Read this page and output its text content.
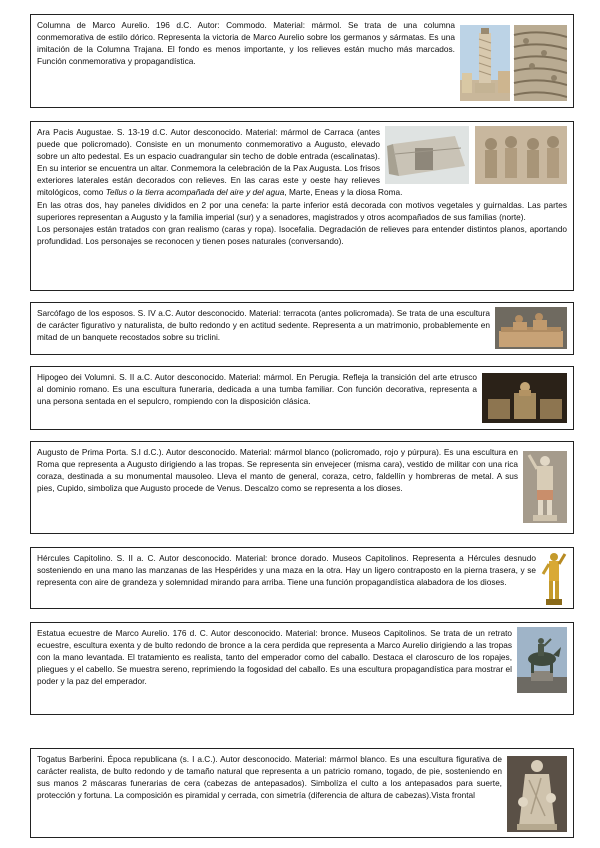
Columna de Marco Aurelio. 196 d.C. Autor: Commodo. Material: mármol. Se trata de una columna conmemorativa de estilo dórico. Representa la victoria de Marco Aurelio sobre los germanos y sármatas. Es una imitación de la Columna Trajana. El fondo es menos importante, y los relieves están mucho más marcados. Función conmemorativa y propagandística.

Ara Pacis Augustae. S. 13-19 d.C. Autor desconocido. Material: mármol de Carraca (antes puede que policromado). Consiste en un monumento conmemorativo a Augusto, elevado sobre un alto pedestal. Es un espacio cuadrangular sin techo de doble entrada (escalinatas). En su interior se encuentra un altar. Conmemora la celebración de la Pax Augusta. Los frisos exteriores laterales están decorados con relieves. En las caras este y oeste hay relieves mitológicos, como Tellus o la tierra acompañada del aire y del agua, Marte, Eneas y la diosa Roma.

En las otras dos, hay paneles divididos en 2 por una cenefa: la parte inferior está decorada con motivos vegetales y guirnaldas. Las partes superiores representan a Augusto y la familia imperial (sur) y a senadores, magistrados y otros acompañados de sus familias (norte).

Los personajes están tratados con gran realismo (caras y ropa). Isocefalia. Degradación de relieves para entender distintos planos, aportando profundidad. Los personajes se reconocen y tienen poses naturales (conversando).

Sarcófago de los esposos. S. IV a.C. Autor desconocido. Material: terracota (antes policromada). Se trata de una escultura de carácter figurativo y naturalista, de bulto redondo y en actitud sedente. Representa a un matrimonio, probablemente en mitad de un banquete recostados sobre su triclini.

Hipogeo dei Volumni. S. II a.C. Autor desconocido. Material: mármol. En Perugia. Refleja la transición del arte etrusco al dominio romano. Es una escultura funeraria, dedicada a una tumba familiar. Con función decorativa, representa a una persona sentada en el sepulcro, rompiendo con la disposición clásica.

Augusto de Prima Porta. S.I d.C.). Autor desconocido. Material: mármol blanco (policromado, rojo y púrpura). Es una escultura en Roma que representa a Augusto dirigiendo a las tropas. Se representa sin envejecer (misma cara), vestido de militar con una rica coraza, destinada a su monumental mausoleo. Lleva el manto de general, coraza, cetro, faldellín y hombreras de metal. A sus pies, Cupido, simboliza que Augusto procede de Venus. Descalzo como se representa a los dioses.

Hércules Capitolino. S. II a. C. Autor desconocido. Material: bronce dorado. Museos Capitolinos. Representa a Hércules desnudo sosteniendo en una mano las manzanas de las Hespérides y una maza en la otra. Hay un ligero contraposto en la pierna trasera, y se representa con aire de grandeza y solemnidad mirando para arriba. Tiene una función propagandística alabadora de los dioses.

Estatua ecuestre de Marco Aurelio. 176 d. C. Autor desconocido. Material: bronce. Museos Capitolinos. Se trata de un retrato ecuestre, escultura exenta y de bulto redondo de bronce a la cera perdida que representa a Marco Aurelio dirigiendo a las tropas con la mano levantada. El tratamiento es realista, tanto del emperador como del caballo. Destaca el claroscuro de los ropajes, pliegues y el cabello. Se muestra sereno, reprimiendo la fogosidad del caballo. Es una escultura propagandística para mostrar el poder y la paz del emperador.

Togatus Barberini. Época republicana (s. I a.C.). Autor desconocido. Material: mármol blanco. Es una escultura figurativa de carácter realista, de bulto redondo y de tamaño natural que representa a un patricio romano, togado, de pie, sosteniendo en sus manos 2 máscaras funerarias de cera (cabezas de antepasados). Simbolíza el culto a los antepasados para suerte, protección y fortuna. La composición es piramidal y cerrada, con simetría (diferencia de altura de cabezas).Vista frontal
